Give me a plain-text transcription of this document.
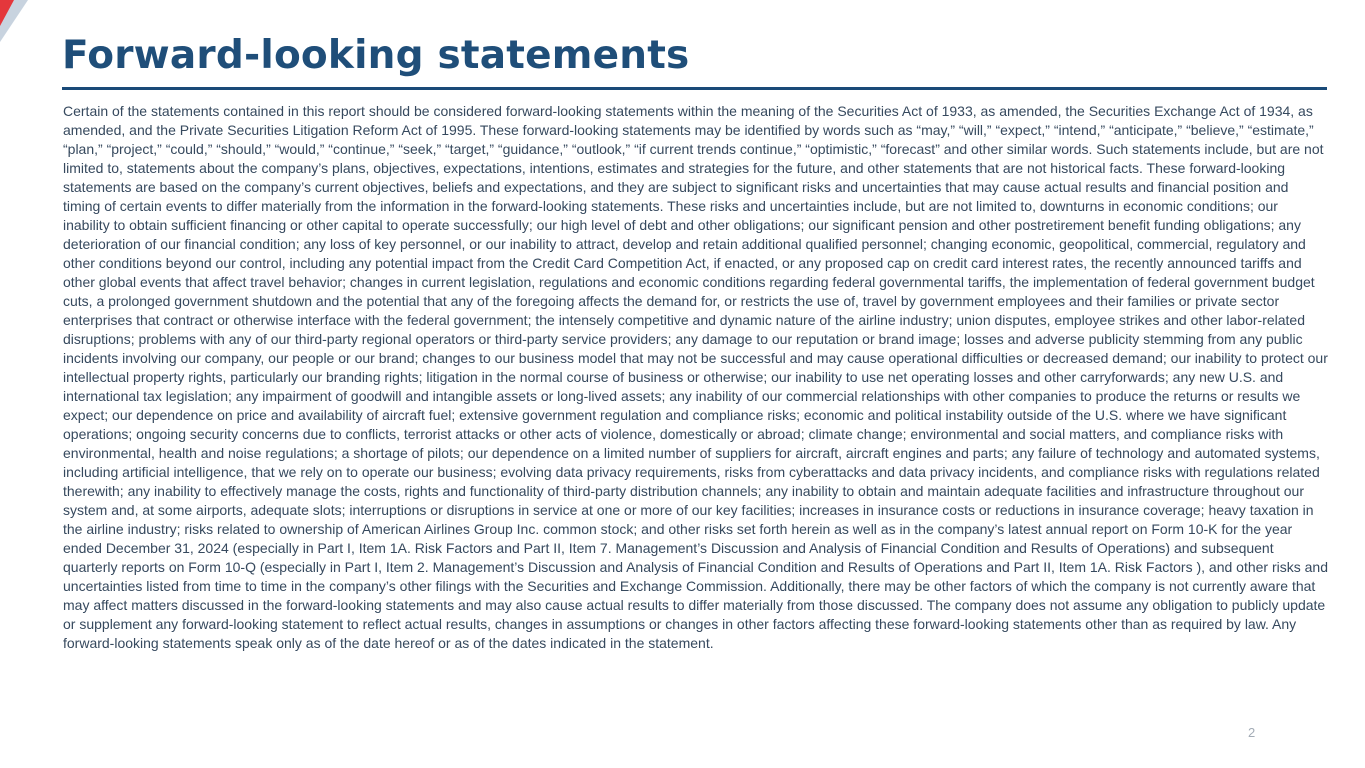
Forward-looking statements

Certain of the statements contained in this report should be considered forward-looking statements within the meaning of the Securities Act of 1933, as amended, the Securities Exchange Act of 1934, as amended, and the Private Securities Litigation Reform Act of 1995. These forward-looking statements may be identified by words such as “may,” “will,” “expect,” “intend,” “anticipate,” “believe,” “estimate,” “plan,” “project,” “could,” “should,” “would,” “continue,” “seek,” “target,” “guidance,” “outlook,” “if current trends continue,” “optimistic,” “forecast” and other similar words. Such statements include, but are not limited to, statements about the company’s plans, objectives, expectations, intentions, estimates and strategies for the future, and other statements that are not historical facts. These forward-looking statements are based on the company’s current objectives, beliefs and expectations, and they are subject to significant risks and uncertainties that may cause actual results and financial position and timing of certain events to differ materially from the information in the forward-looking statements. These risks and uncertainties include, but are not limited to, downturns in economic conditions; our inability to obtain sufficient financing or other capital to operate successfully; our high level of debt and other obligations; our significant pension and other postretirement benefit funding obligations; any deterioration of our financial condition; any loss of key personnel, or our inability to attract, develop and retain additional qualified personnel; changing economic, geopolitical, commercial, regulatory and other conditions beyond our control, including any potential impact from the Credit Card Competition Act, if enacted, or any proposed cap on credit card interest rates, the recently announced tariffs and other global events that affect travel behavior; changes in current legislation, regulations and economic conditions regarding federal governmental tariffs, the implementation of federal government budget cuts, a prolonged government shutdown and the potential that any of the foregoing affects the demand for, or restricts the use of, travel by government employees and their families or private sector enterprises that contract or otherwise interface with the federal government; the intensely competitive and dynamic nature of the airline industry; union disputes, employee strikes and other labor-related disruptions; problems with any of our third-party regional operators or third-party service providers; any damage to our reputation or brand image; losses and adverse publicity stemming from any public incidents involving our company, our people or our brand; changes to our business model that may not be successful and may cause operational difficulties or decreased demand; our inability to protect our intellectual property rights, particularly our branding rights; litigation in the normal course of business or otherwise; our inability to use net operating losses and other carryforwards; any new U.S. and international tax legislation; any impairment of goodwill and intangible assets or long-lived assets; any inability of our commercial relationships with other companies to produce the returns or results we expect; our dependence on price and availability of aircraft fuel; extensive government regulation and compliance risks; economic and political instability outside of the U.S. where we have significant operations; ongoing security concerns due to conflicts, terrorist attacks or other acts of violence, domestically or abroad; climate change; environmental and social matters, and compliance risks with environmental, health and noise regulations; a shortage of pilots; our dependence on a limited number of suppliers for aircraft, aircraft engines and parts; any failure of technology and automated systems, including artificial intelligence, that we rely on to operate our business; evolving data privacy requirements, risks from cyberattacks and data privacy incidents, and compliance risks with regulations related therewith; any inability to effectively manage the costs, rights and functionality of third-party distribution channels; any inability to obtain and maintain adequate facilities and infrastructure throughout our system and, at some airports, adequate slots; interruptions or disruptions in service at one or more of our key facilities; increases in insurance costs or reductions in insurance coverage; heavy taxation in the airline industry; risks related to ownership of American Airlines Group Inc. common stock; and other risks set forth herein as well as in the company’s latest annual report on Form 10-K for the year ended December 31, 2024 (especially in Part I, Item 1A. Risk Factors and Part II, Item 7. Management’s Discussion and Analysis of Financial Condition and Results of Operations) and subsequent quarterly reports on Form 10-Q (especially in Part I, Item 2. Management’s Discussion and Analysis of Financial Condition and Results of Operations and Part II, Item 1A. Risk Factors ), and other risks and uncertainties listed from time to time in the company’s other filings with the Securities and Exchange Commission. Additionally, there may be other factors of which the company is not currently aware that may affect matters discussed in the forward-looking statements and may also cause actual results to differ materially from those discussed. The company does not assume any obligation to publicly update or supplement any forward-looking statement to reflect actual results, changes in assumptions or changes in other factors affecting these forward-looking statements other than as required by law. Any forward-looking statements speak only as of the date hereof or as of the dates indicated in the statement.

2
